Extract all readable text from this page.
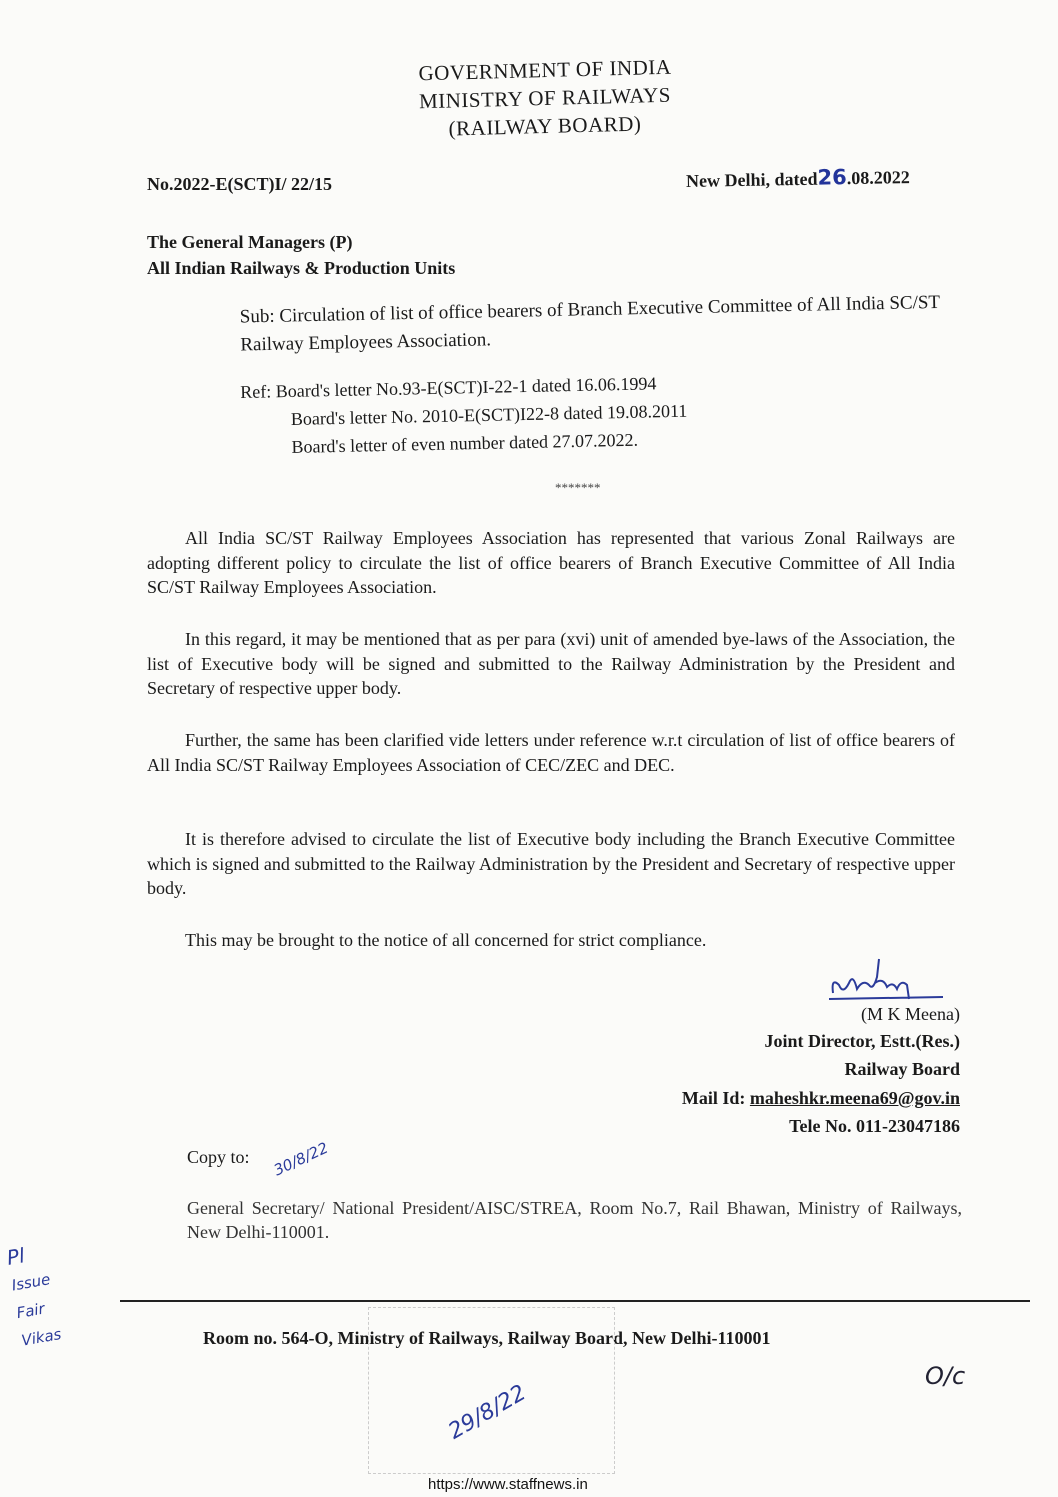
GOVERNMENT OF INDIA
MINISTRY OF RAILWAYS
(RAILWAY BOARD)
No.2022-E(SCT)I/ 22/15	New Delhi, dated26.08.2022
The General Managers (P)
All Indian Railways & Production Units
Sub: Circulation of list of office bearers of Branch Executive Committee of All India SC/ST Railway Employees Association.
Ref: Board's letter No.93-E(SCT)I-22-1 dated 16.06.1994
Board's letter No. 2010-E(SCT)I22-8 dated 19.08.2011
Board's letter of even number dated 27.07.2022.
*******
All India SC/ST Railway Employees Association has represented that various Zonal Railways are adopting different policy to circulate the list of office bearers of Branch Executive Committee of All India SC/ST Railway Employees Association.
In this regard, it may be mentioned that as per para (xvi) unit of amended bye-laws of the Association, the list of Executive body will be signed and submitted to the Railway Administration by the President and Secretary of respective upper body.
Further, the same has been clarified vide letters under reference w.r.t circulation of list of office bearers of    All India SC/ST Railway Employees Association of CEC/ZEC and DEC.
It is therefore advised to circulate the list of Executive body including the Branch Executive Committee which is signed and submitted to the Railway Administration by the President and Secretary of respective upper body.
This may be brought to the notice of all concerned for strict compliance.
(M K Meena)
Joint Director, Estt.(Res.)
Railway Board
Mail Id: maheshkr.meena69@gov.in
Tele No. 011-23047186
Copy to: 30/8/22
General Secretary/ National President/AISC/STREA, Room No.7, Rail Bhawan, Ministry of Railways, New Delhi-110001.
Room no. 564-O, Ministry of Railways, Railway Board, New Delhi-110001
29/8/22
O/c
https://www.staffnews.in
Pl
Issue
Fair
Vikas
